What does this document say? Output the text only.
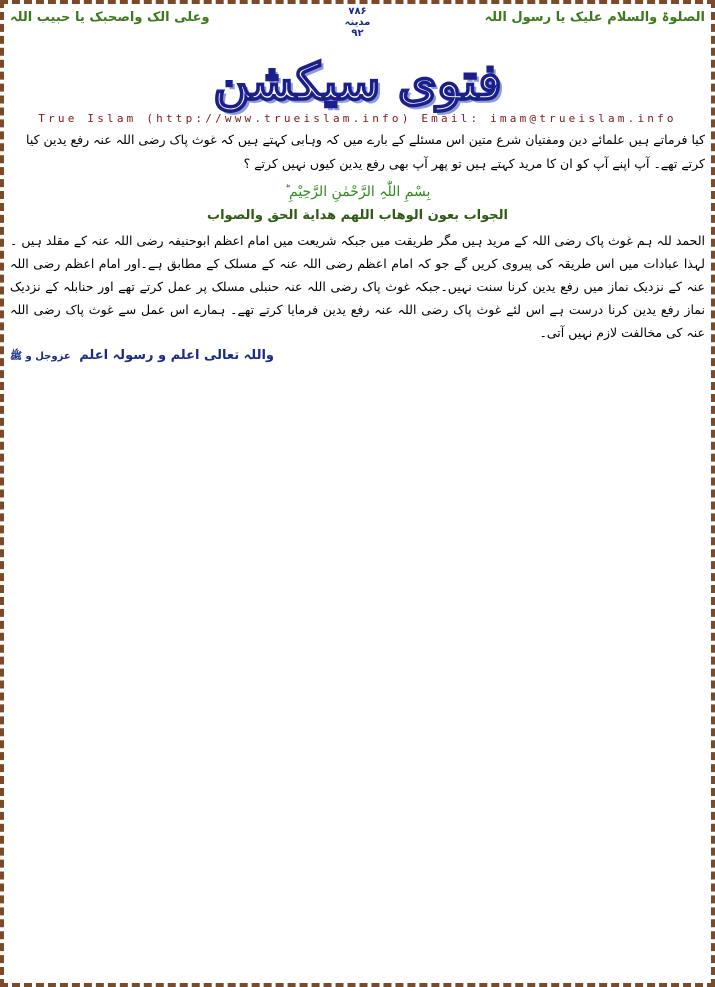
الصلوۃ والسلام علیک یا رسول اللہ
۷۸۶
مدینہ
۹۲
وعلی الک واصحبک یا حبیب اللہ
فتوی سیکشن
True Islam (http://www.trueislam.info) Email: imam@trueislam.info

کیا فرماتے ہیں علمائے دین ومفتیان شرع متین اس مسئلے کے بارے میں کہ وہابی کہتے ہیں کہ غوث پاک رضی اللہ عنہ رفع یدین کیا کرتے تھے۔ آپ اپنے آپ کو ان کا مرید کہتے ہیں تو پھر آپ بھی رفع یدین کیوں نہیں کرتے ؟

بِسْمِ اللّٰہِ الرَّحْمٰنِ الرَّحِیْمِ ؕ
الجواب بعون الوهاب اللهم هداية الحق والصواب

الحمد للہ ہم غوث پاک رضی اللہ کے مرید ہیں مگر طریقت میں جبکہ شریعت میں امام اعظم ابوحنیفہ رضی اللہ عنہ کے مقلد ہیں ۔لہذا عبادات میں اس طریقہ کی پیروی کریں گے جو کہ امام اعظم رضی اللہ عنہ کے مسلک کے مطابق ہے۔اور امام اعظم رضی اللہ عنہ کے نزدیک نماز میں رفع یدین کرنا سنت نہیں۔جبکہ غوث پاک رضی اللہ عنہ حنبلی مسلک پر عمل کرتے تھے اور حنابلہ کے نزدیک نماز رفع یدین کرنا درست ہے اس لئے غوث پاک رضی اللہ عنہ رفع یدین فرمایا کرتے تھے۔ ہمارے اس عمل سے غوث پاک رضی اللہ عنہ کی مخالفت لازم نہیں آتی۔

واللہ تعالی اعلم و رسولہ اعلم عزوجل و ﷺ
